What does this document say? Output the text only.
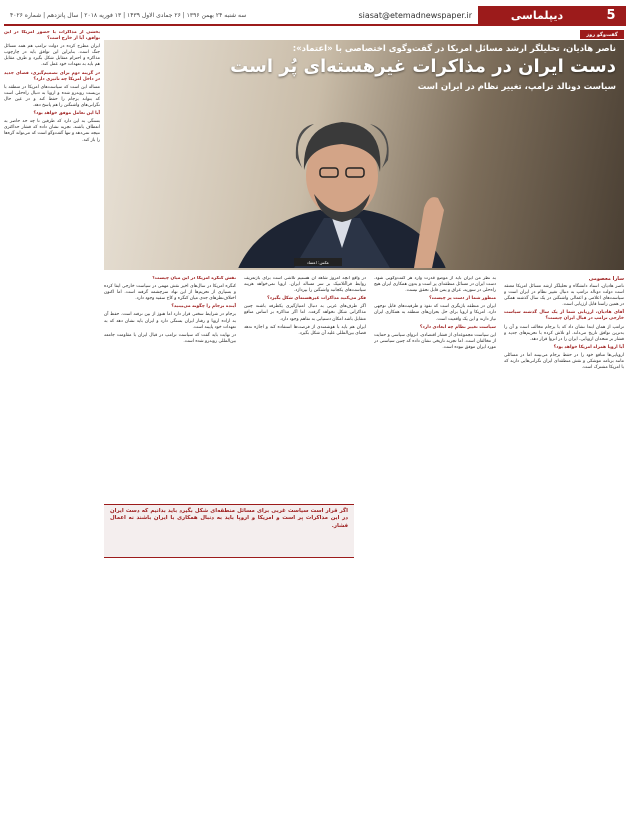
5
دیپلماسی
siasat@etemadnewspaper.ir
سه شنبه ۲۴ بهمن ۱۳۹۶ | ۲۶ جمادی الاول ۱۴۳۹ | ۱۳ فوریه ۲۰۱۸ | سال پانزدهم | شماره ۴۰۲۶

بخشی از مذاکرات با حضور امریکا در این توافق، آیا از خارج است؟

ایران مطرح کرده در دولت ترامپ هم همه مسائل جنگ است. بنابراین این توافق باید در چارچوب مذاکره و احترام متقابل شکل بگیرد و طرف مقابل هم باید به تعهدات خود عمل کند.

در گزینه دوم برای تصمیم‌گیری، فضای جدید در داخل امریکا چه تاثیری دارد؟

مساله این است که سیاست‌های امریکا در منطقه با بن‌بست روبه‌رو شده و اروپا به دنبال راه‌حلی است که بتواند برجام را حفظ کند و در عین حال نگرانی‌های واشنگتن را هم پاسخ دهد.

آیا این تعامل موفق خواهد بود؟

بستگی به این دارد که طرفین تا چه حد حاضر به انعطاف باشند. تجربه نشان داده که فشار حداکثری نتیجه نمی‌دهد و تنها گفت‌وگو است که می‌تواند گره‌ها را باز کند.

گفت‌وگو روز
ناصر هادیان، تحلیلگر ارشد مسائل امریکا در گفت‌وگوی اختصاصی با «اعتماد»:
دست ایران در مذاکرات غیرهسته‌ای پُر است
سیاست دونالد ترامپ، تغییر نظام در ایران است
عکس: اعتماد
سارا معصومی

ناصر هادیان، استاد دانشگاه و تحلیلگر ارشد مسائل امریکا معتقد است دولت دونالد ترامپ به دنبال تغییر نظام در ایران است و سیاست‌های اعلامی و اعمالی واشنگتن در یک سال گذشته همگی در همین راستا قابل ارزیابی است.

آقای هادیان، ارزیابی شما از یک سال گذشته سیاست خارجی ترامپ در قبال ایران چیست؟

ترامپ از همان ابتدا نشان داد که با برجام مخالف است و آن را بدترین توافق تاریخ می‌داند. او تلاش کرده با تحریم‌های جدید و فشار بر متحدان اروپایی، ایران را در انزوا قرار دهد.

آیا اروپا همراه امریکا خواهد بود؟

اروپایی‌ها منافع خود را در حفظ برجام می‌بینند اما در مسائلی مانند برنامه موشکی و نقش منطقه‌ای ایران نگرانی‌هایی دارند که با امریکا مشترک است.

به نظر من ایران باید از موضع قدرت وارد هر گفت‌وگویی شود. دست ایران در مسائل منطقه‌ای پر است و بدون همکاری ایران هیچ راه‌حلی در سوریه، عراق و یمن قابل تحقق نیست.

منظور شما از دست پر چیست؟

ایران در منطقه بازیگری است که نفوذ و ظرفیت‌های قابل توجهی دارد. امریکا و اروپا برای حل بحران‌های منطقه به همکاری ایران نیاز دارند و این یک واقعیت است.

سیاست تغییر نظام چه ابعادی دارد؟

این سیاست مجموعه‌ای از فشار اقتصادی، انزوای سیاسی و حمایت از مخالفان است. اما تجربه تاریخی نشان داده که چنین سیاستی در مورد ایران موفق نبوده است.

در واقع آنچه امروز شاهد آن هستیم تلاشی است برای بازتعریف روابط فراآتلانتیک بر سر مساله ایران. اروپا نمی‌خواهد هزینه سیاست‌های یکجانبه واشنگتن را بپردازد.

فکر می‌کنید مذاکرات غیرهسته‌ای شکل بگیرد؟

اگر طرف‌های غربی به دنبال امتیازگیری یکطرفه باشند چنین مذاکراتی شکل نخواهد گرفت. اما اگر مذاکره بر اساس منافع متقابل باشد امکان دستیابی به تفاهم وجود دارد.

ایران هم باید با هوشمندی از فرصت‌ها استفاده کند و اجازه ندهد فضای بین‌المللی علیه آن شکل بگیرد.

نقش کنگره امریکا در این میان چیست؟

کنگره امریکا در سال‌های اخیر نقش مهمی در سیاست خارجی ایفا کرده و بسیاری از تحریم‌ها از این نهاد سرچشمه گرفته است. اما اکنون اختلاف‌نظرهای جدی میان کنگره و کاخ سفید وجود دارد.

آینده برجام را چگونه می‌بینید؟

برجام در شرایط سختی قرار دارد اما هنوز از بین نرفته است. حفظ آن به اراده اروپا و رفتار ایران بستگی دارد و ایران باید نشان دهد که به تعهدات خود پایبند است.

در نهایت باید گفت که سیاست ترامپ در قبال ایران با مقاومت جامعه بین‌المللی روبه‌رو شده است.

اگر قرار است سیاست غربی برای مسائل منطقه‌ای شکل بگیرد باید بدانیم که دست ایران در این مذاکرات پر است و امریکا و اروپا باید به دنبال همکاری با ایران باشند نه اعمال فشار.
